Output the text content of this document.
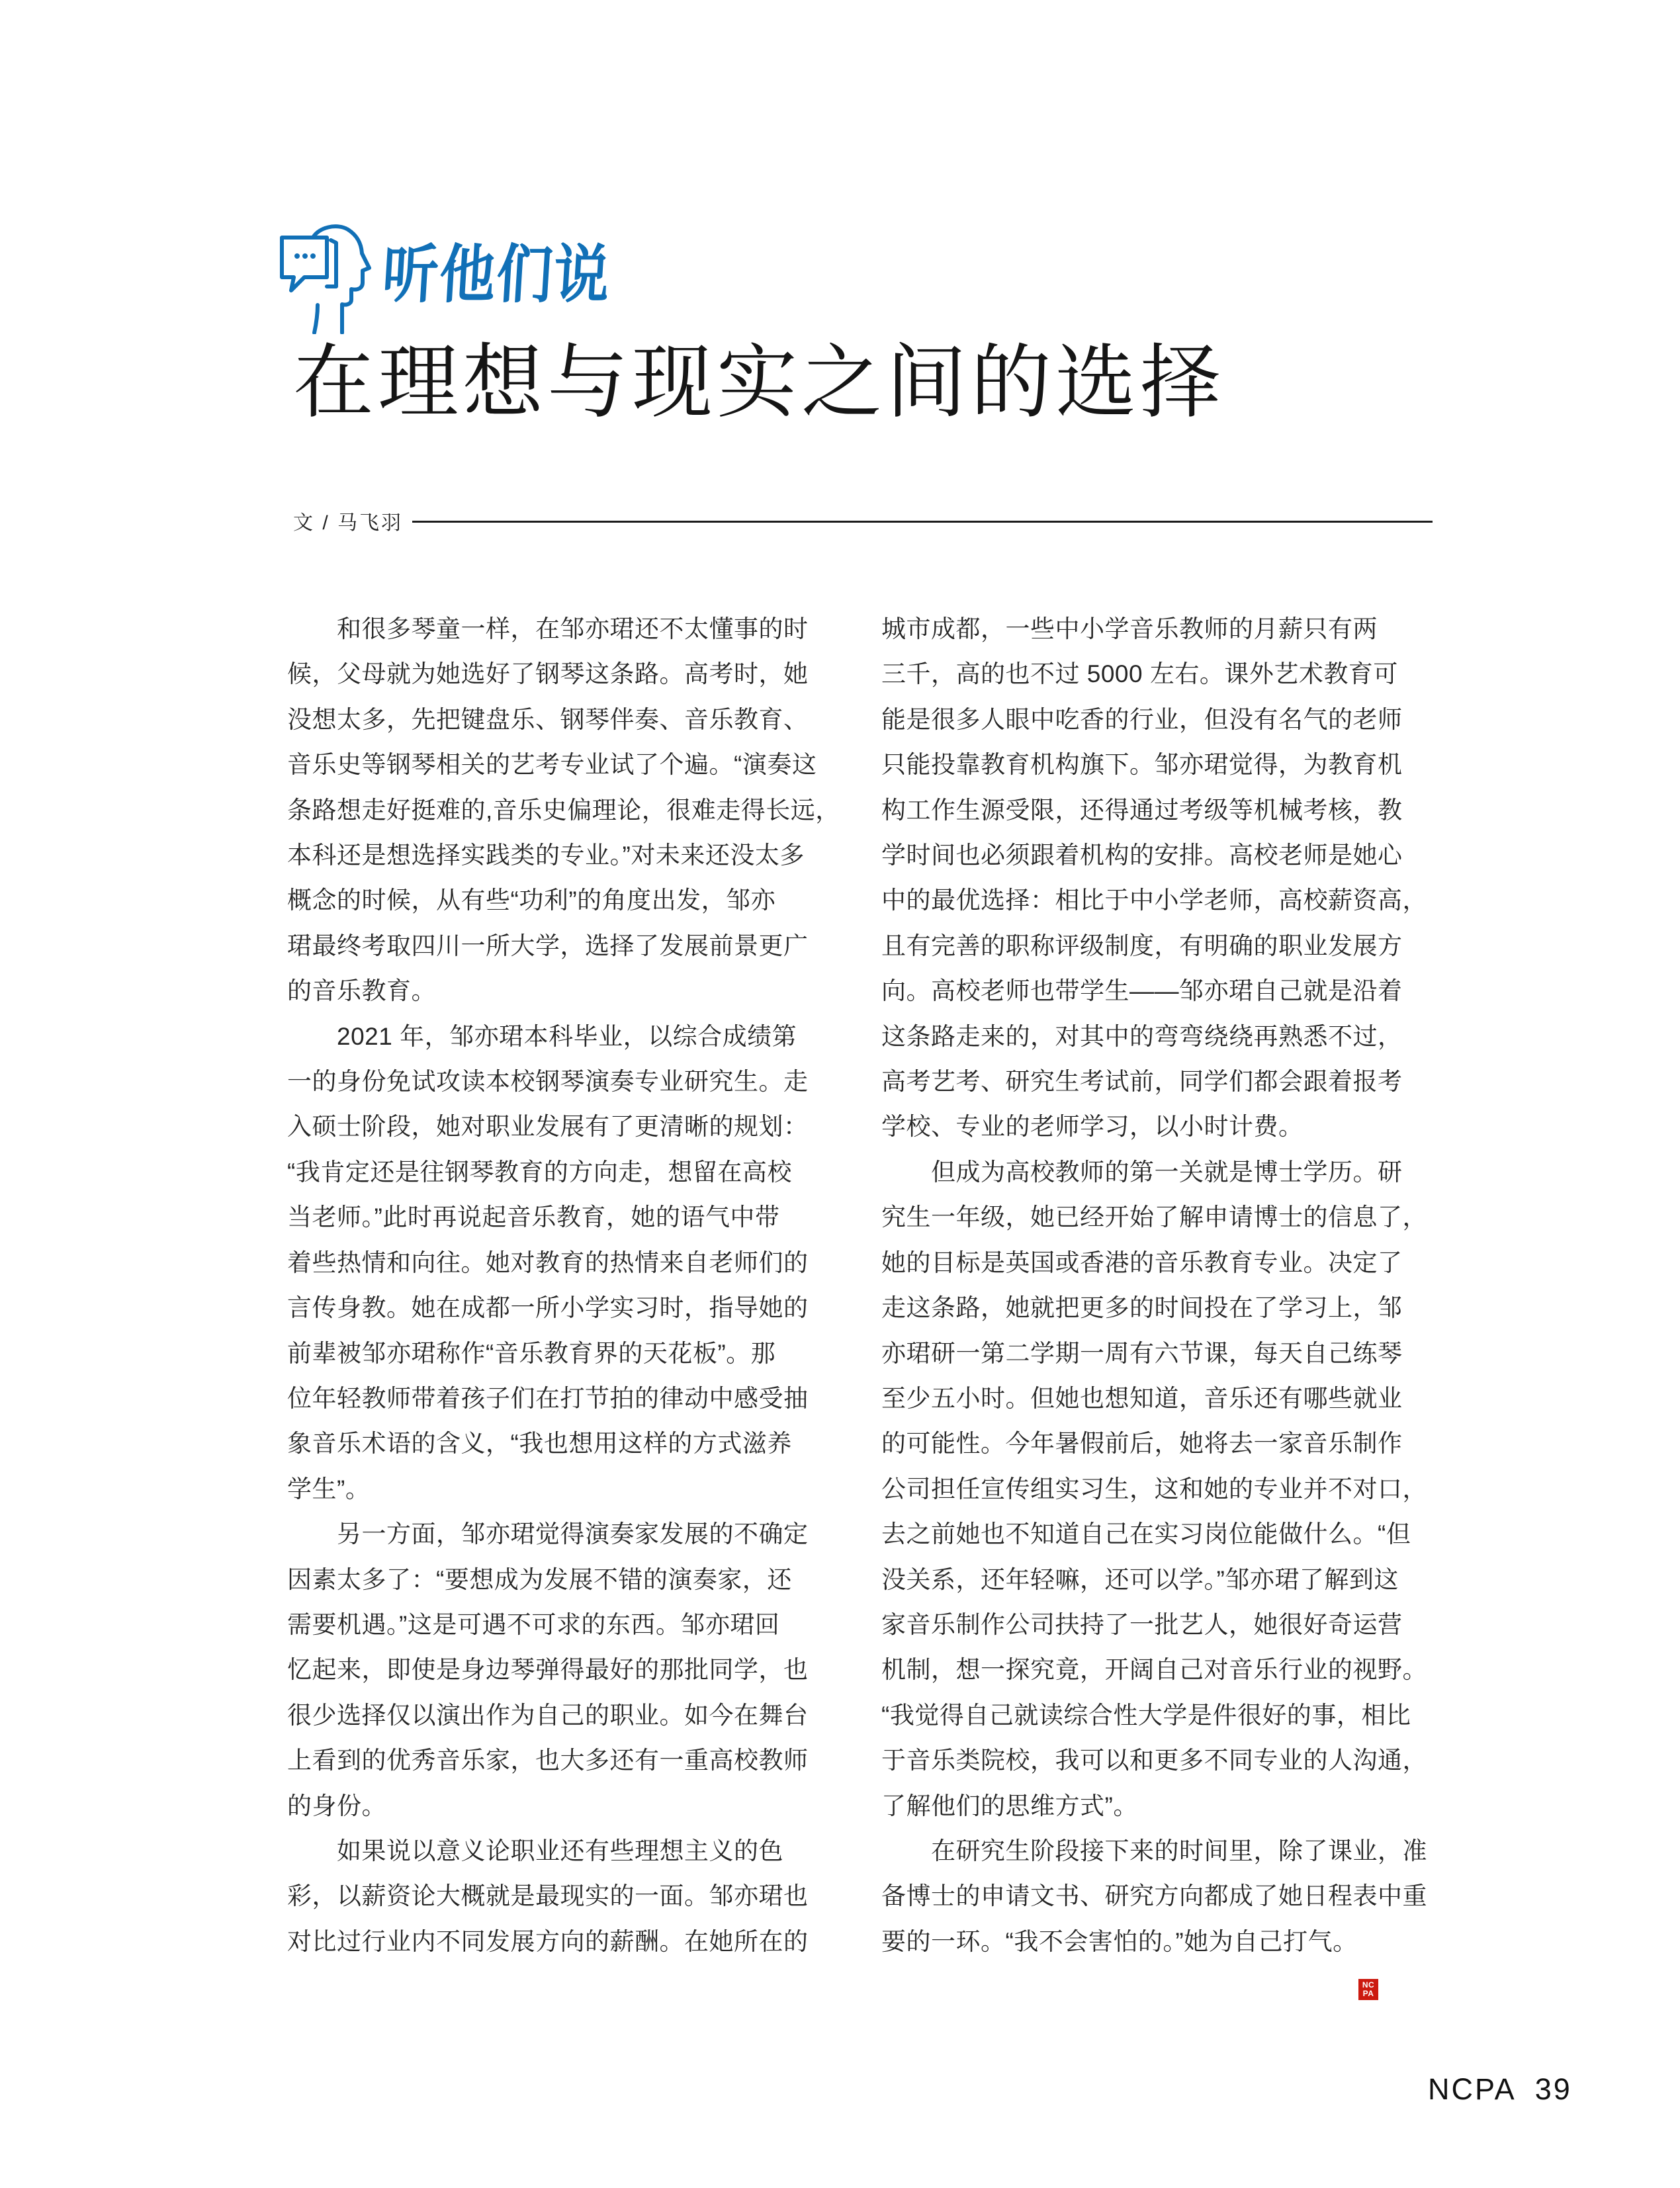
听他们说
在理想与现实之间的选择
文 / 马飞羽
　　和很多琴童一样，在邹亦珺还不太懂事的时
候，父母就为她选好了钢琴这条路。高考时，她
没想太多，先把键盘乐、钢琴伴奏、音乐教育、
音乐史等钢琴相关的艺考专业试了个遍。“演奏这
条路想走好挺难的,音乐史偏理论，很难走得长远，
本科还是想选择实践类的专业。”对未来还没太多
概念的时候，从有些“功利”的角度出发，邹亦
珺最终考取四川一所大学，选择了发展前景更广
的音乐教育。
　　2021 年，邹亦珺本科毕业，以综合成绩第
一的身份免试攻读本校钢琴演奏专业研究生。走
入硕士阶段，她对职业发展有了更清晰的规划：
“我肯定还是往钢琴教育的方向走，想留在高校
当老师。”此时再说起音乐教育，她的语气中带
着些热情和向往。她对教育的热情来自老师们的
言传身教。她在成都一所小学实习时，指导她的
前辈被邹亦珺称作“音乐教育界的天花板”。那
位年轻教师带着孩子们在打节拍的律动中感受抽
象音乐术语的含义，“我也想用这样的方式滋养
学生”。
　　另一方面，邹亦珺觉得演奏家发展的不确定
因素太多了：“要想成为发展不错的演奏家，还
需要机遇。”这是可遇不可求的东西。邹亦珺回
忆起来，即使是身边琴弹得最好的那批同学，也
很少选择仅以演出作为自己的职业。如今在舞台
上看到的优秀音乐家，也大多还有一重高校教师
的身份。
　　如果说以意义论职业还有些理想主义的色
彩，以薪资论大概就是最现实的一面。邹亦珺也
对比过行业内不同发展方向的薪酬。在她所在的
城市成都，一些中小学音乐教师的月薪只有两
三千，高的也不过 5000 左右。课外艺术教育可
能是很多人眼中吃香的行业，但没有名气的老师
只能投靠教育机构旗下。邹亦珺觉得，为教育机
构工作生源受限，还得通过考级等机械考核，教
学时间也必须跟着机构的安排。高校老师是她心
中的最优选择：相比于中小学老师，高校薪资高，
且有完善的职称评级制度，有明确的职业发展方
向。高校老师也带学生——邹亦珺自己就是沿着
这条路走来的，对其中的弯弯绕绕再熟悉不过，
高考艺考、研究生考试前，同学们都会跟着报考
学校、专业的老师学习，以小时计费。
　　但成为高校教师的第一关就是博士学历。研
究生一年级，她已经开始了解申请博士的信息了，
她的目标是英国或香港的音乐教育专业。决定了
走这条路，她就把更多的时间投在了学习上，邹
亦珺研一第二学期一周有六节课，每天自己练琴
至少五小时。但她也想知道，音乐还有哪些就业
的可能性。今年暑假前后，她将去一家音乐制作
公司担任宣传组实习生，这和她的专业并不对口，
去之前她也不知道自己在实习岗位能做什么。“但
没关系，还年轻嘛，还可以学。”邹亦珺了解到这
家音乐制作公司扶持了一批艺人，她很好奇运营
机制，想一探究竟，开阔自己对音乐行业的视野。
“我觉得自己就读综合性大学是件很好的事，相比
于音乐类院校，我可以和更多不同专业的人沟通，
了解他们的思维方式”。
　　在研究生阶段接下来的时间里，除了课业，准
备博士的申请文书、研究方向都成了她日程表中重
要的一环。“我不会害怕的。”她为自己打气。
NC
PA
NCPA 39
